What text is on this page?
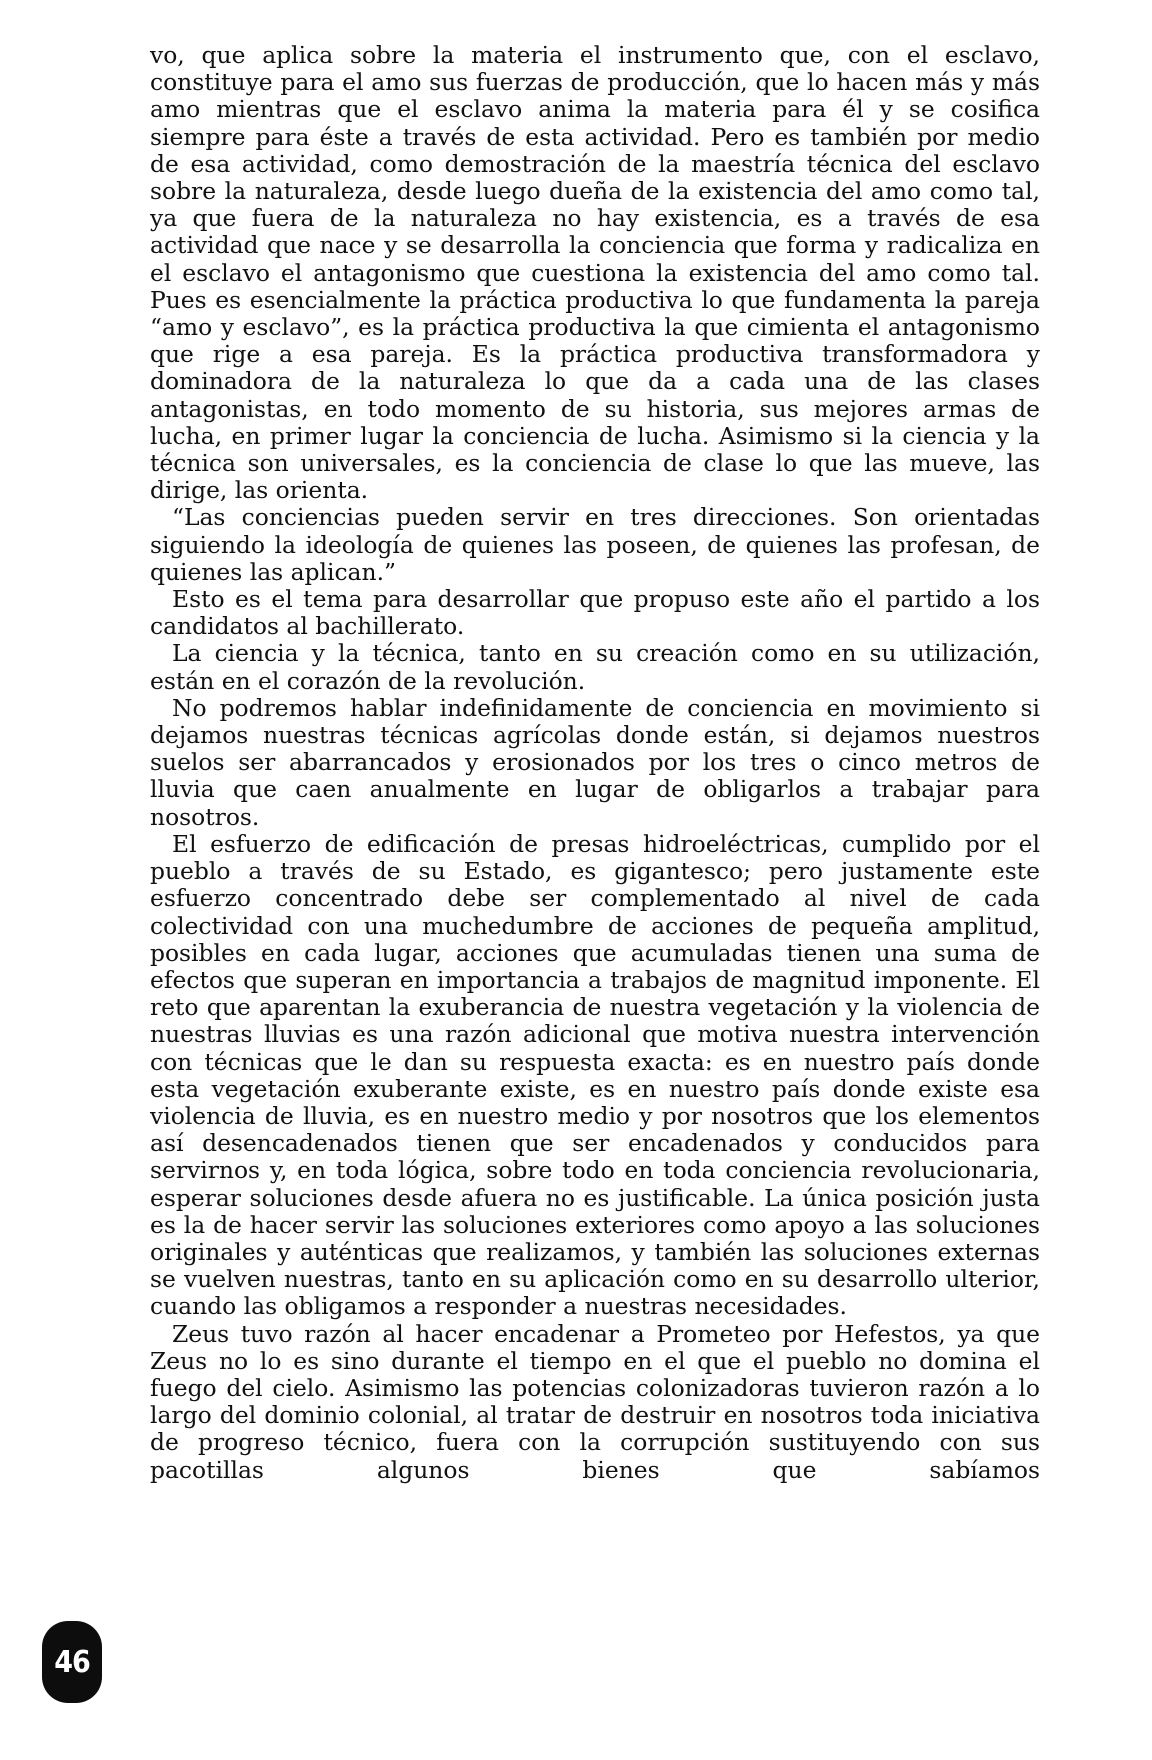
vo, que aplica sobre la materia el instrumento que, con el esclavo, constituye para el amo sus fuerzas de producción, que lo hacen más y más amo mientras que el esclavo anima la materia para él y se cosifica siempre para éste a través de esta actividad. Pero es también por medio de esa actividad, como demostración de la maestría técnica del esclavo sobre la naturaleza, desde luego dueña de la existencia del amo como tal, ya que fuera de la naturaleza no hay existencia, es a través de esa actividad que nace y se desarrolla la conciencia que forma y radicaliza en el esclavo el antagonismo que cuestiona la existencia del amo como tal. Pues es esencialmente la práctica productiva lo que fundamenta la pareja “amo y esclavo”, es la práctica productiva la que cimienta el antagonismo que rige a esa pareja. Es la práctica productiva transformadora y dominadora de la naturaleza lo que da a cada una de las clases antagonistas, en todo momento de su historia, sus mejores armas de lucha, en primer lugar la conciencia de lucha. Asimismo si la ciencia y la técnica son universales, es la conciencia de clase lo que las mueve, las dirige, las orienta.

“Las conciencias pueden servir en tres direcciones. Son orientadas siguiendo la ideología de quienes las poseen, de quienes las profesan, de quienes las aplican.”

Esto es el tema para desarrollar que propuso este año el partido a los candidatos al bachillerato.

La ciencia y la técnica, tanto en su creación como en su utilización, están en el corazón de la revolución.

No podremos hablar indefinidamente de conciencia en movimiento si dejamos nuestras técnicas agrícolas donde están, si dejamos nuestros suelos ser abarrancados y erosionados por los tres o cinco metros de lluvia que caen anualmente en lugar de obligarlos a trabajar para nosotros.

El esfuerzo de edificación de presas hidroeléctricas, cumplido por el pueblo a través de su Estado, es gigantesco; pero justamente este esfuerzo concentrado debe ser complementado al nivel de cada colectividad con una muchedumbre de acciones de pequeña amplitud, posibles en cada lugar, acciones que acumuladas tienen una suma de efectos que superan en importancia a trabajos de magnitud imponente. El reto que aparentan la exuberancia de nuestra vegetación y la violencia de nuestras lluvias es una razón adicional que motiva nuestra intervención con técnicas que le dan su respuesta exacta: es en nuestro país donde esta vegetación exuberante existe, es en nuestro país donde existe esa violencia de lluvia, es en nuestro medio y por nosotros que los elementos así desencadenados tienen que ser encadenados y conducidos para servirnos y, en toda lógica, sobre todo en toda conciencia revolucionaria, esperar soluciones desde afuera no es justificable. La única posición justa es la de hacer servir las soluciones exteriores como apoyo a las soluciones originales y auténticas que realizamos, y también las soluciones externas se vuelven nuestras, tanto en su aplicación como en su desarrollo ulterior, cuando las obligamos a responder a nuestras necesidades.

Zeus tuvo razón al hacer encadenar a Prometeo por Hefestos, ya que Zeus no lo es sino durante el tiempo en el que el pueblo no domina el fuego del cielo. Asimismo las potencias colonizadoras tuvieron razón a lo largo del dominio colonial, al tratar de destruir en nosotros toda iniciativa de progreso técnico, fuera con la corrupción sustituyendo con sus pacotillas algunos bienes que sabíamos

46
